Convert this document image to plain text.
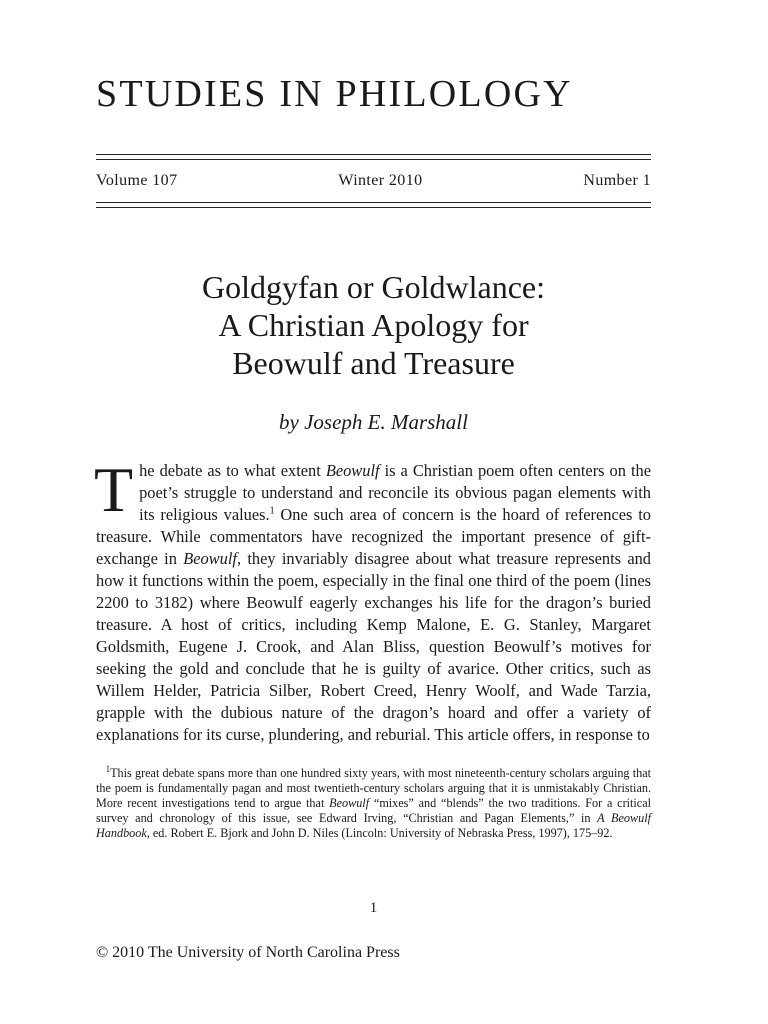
STUDIES IN PHILOLOGY
Volume 107	Winter 2010	Number 1
Goldgyfan or Goldwlance:
A Christian Apology for
Beowulf and Treasure
by Joseph E. Marshall

The debate as to what extent Beowulf is a Christian poem often centers on the poet’s struggle to understand and reconcile its obvious pagan elements with its religious values.$^1$ One such area of concern is the hoard of references to treasure. While commentators have recognized the important presence of gift-exchange in Beowulf, they invariably disagree about what treasure represents and how it functions within the poem, especially in the final one third of the poem (lines 2200 to 3182) where Beowulf eagerly exchanges his life for the dragon’s buried treasure. A host of critics, including Kemp Malone, E. G. Stanley, Margaret Goldsmith, Eugene J. Crook, and Alan Bliss, question Beowulf’s motives for seeking the gold and conclude that he is guilty of avarice. Other critics, such as Willem Helder, Patricia Silber, Robert Creed, Henry Woolf, and Wade Tarzia, grapple with the dubious nature of the dragon’s hoard and offer a variety of explanations for its curse, plundering, and reburial. This article offers, in response to

$^1$This great debate spans more than one hundred sixty years, with most nineteenth-century scholars arguing that the poem is fundamentally pagan and most twentieth-century scholars arguing that it is unmistakably Christian. More recent investigations tend to argue that Beowulf “mixes” and “blends” the two traditions. For a critical survey and chronology of this issue, see Edward Irving, “Christian and Pagan Elements,” in A Beowulf Handbook, ed. Robert E. Bjork and John D. Niles (Lincoln: University of Nebraska Press, 1997), 175–92.

1
© 2010 The University of North Carolina Press
